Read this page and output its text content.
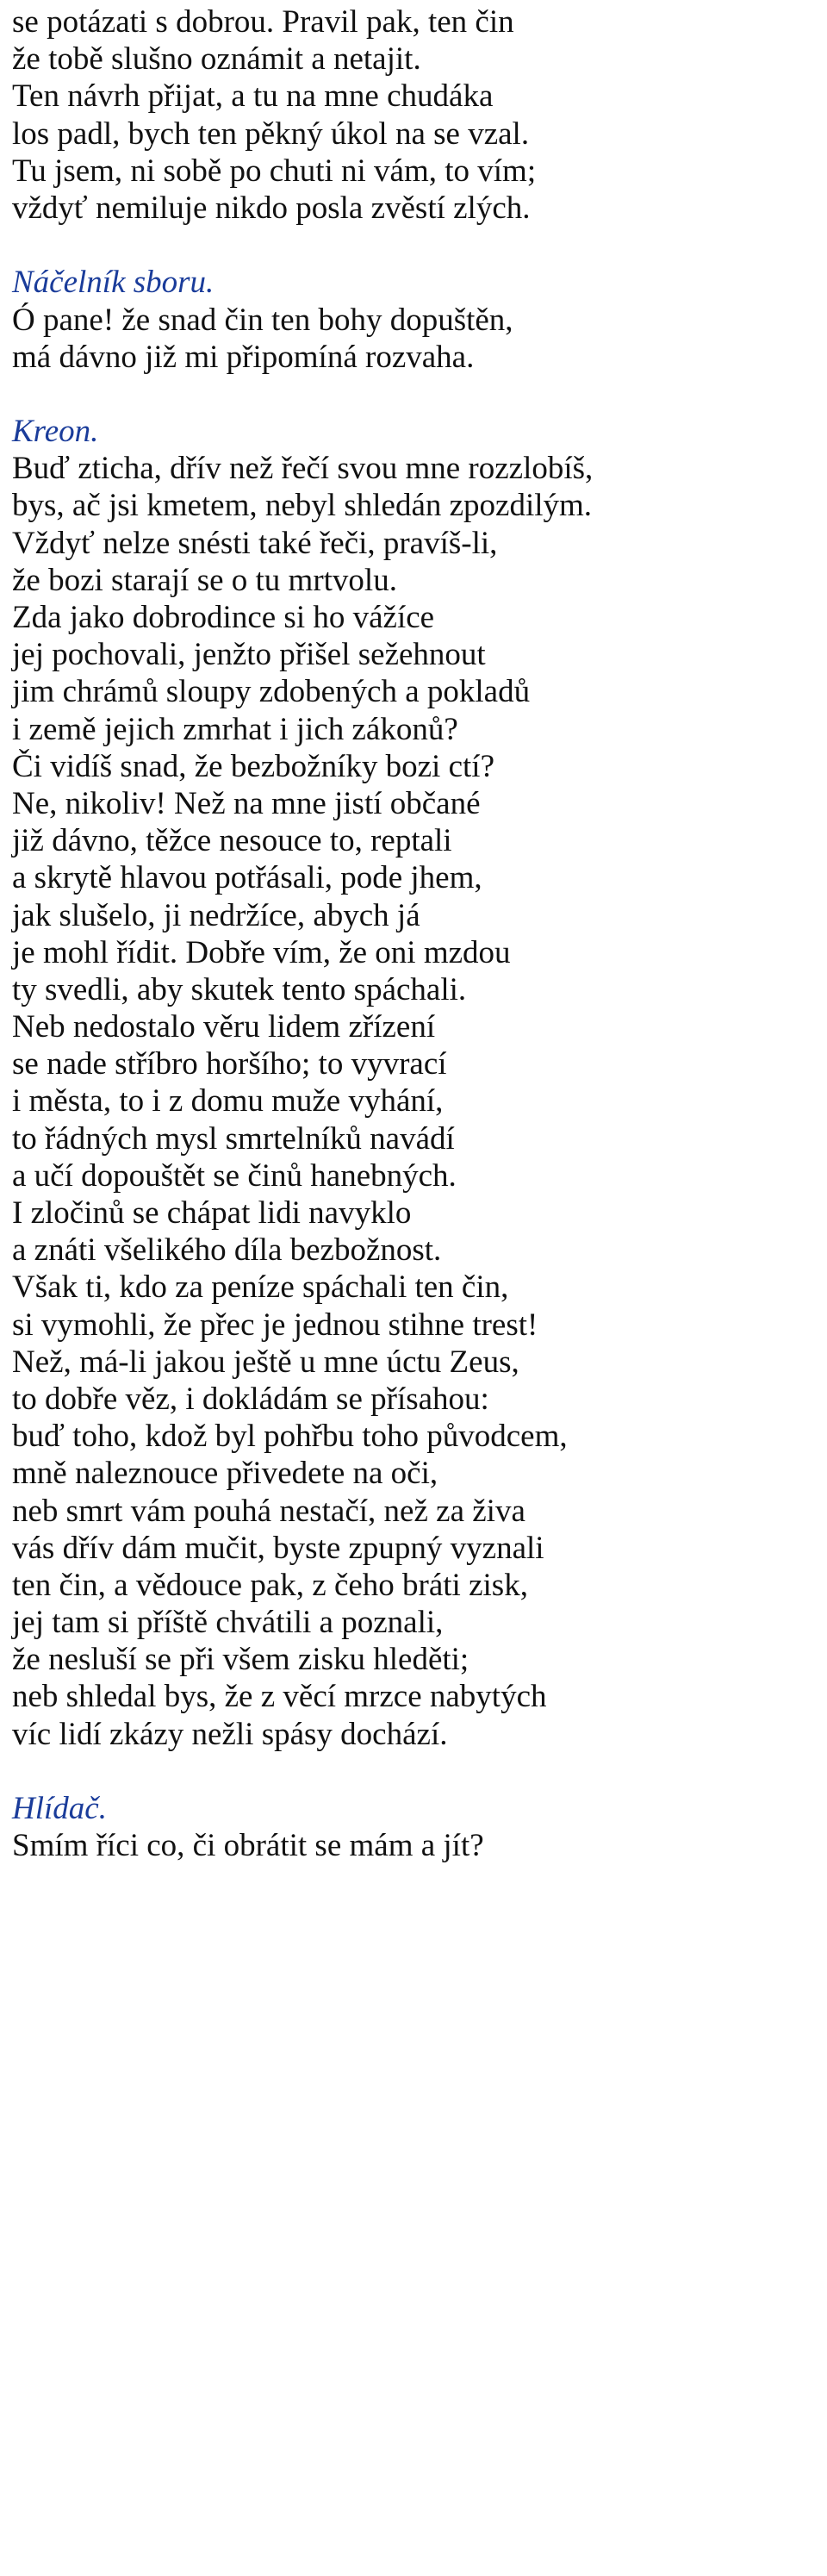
se potázati s dobrou. Pravil pak, ten čin
že tobě slušno oznámit a netajit.
Ten návrh přijat, a tu na mne chudáka
los padl, bych ten pěkný úkol na se vzal.
Tu jsem, ni sobě po chuti ni vám, to vím;
vždyť nemiluje nikdo posla zvěstí zlých.
Náčelník sboru.
Ó pane! že snad čin ten bohy dopuštěn,
má dávno již mi připomíná rozvaha.
Kreon.
Buď zticha, dřív než řečí svou mne rozzlobíš,
bys, ač jsi kmetem, nebyl shledán zpozdilým.
Vždyť nelze snésti také řeči, pravíš-li,
že bozi starají se o tu mrtvolu.
Zda jako dobrodince si ho vážíce
jej pochovali, jenžto přišel sežehnout
jim chrámů sloupy zdobených a pokladů
i země jejich zmrhat i jich zákonů?
Či vidíš snad, že bezbožníky bozi ctí?
Ne, nikoliv! Než na mne jistí občané
již dávno, těžce nesouce to, reptali
a skrytě hlavou potřásali, pode jhem,
jak slušelo, ji nedržíce, abych já
je mohl řídit. Dobře vím, že oni mzdou
ty svedli, aby skutek tento spáchali.
Neb nedostalo věru lidem zřízení
se nade stříbro horšího; to vyvrací
i města, to i z domu muže vyhání,
to řádných mysl smrtelníků navádí
a učí dopouštět se činů hanebných.
I zločinů se chápat lidi navyklo
a znáti všelikého díla bezbožnost.
Však ti, kdo za peníze spáchali ten čin,
si vymohli, že přec je jednou stihne trest!
Než, má-li jakou ještě u mne úctu Zeus,
to dobře věz, i dokládám se přísahou:
buď toho, kdož byl pohřbu toho původcem,
mně naleznouce přivedete na oči,
neb smrt vám pouhá nestačí, než za živa
vás dřív dám mučit, byste zpupný vyznali
ten čin, a vědouce pak, z čeho bráti zisk,
jej tam si příště chvátili a poznali,
že nesluší se při všem zisku hleděti;
neb shledal bys, že z věcí mrzce nabytých
víc lidí zkázy nežli spásy dochází.
Hlídač.
Smím říci co, či obrátit se mám a jít?
